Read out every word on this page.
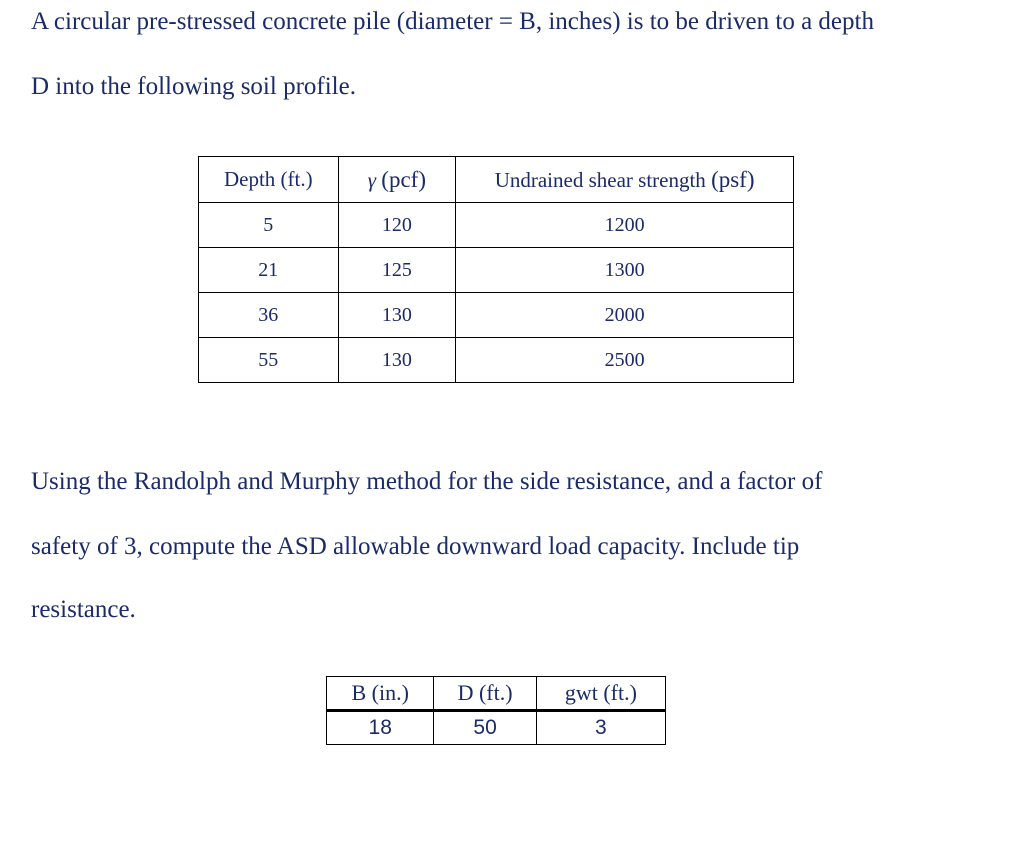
A circular pre-stressed concrete pile (diameter = B, inches) is to be driven to a depth

D into the following soil profile.

Depth (ft.)	γ (pcf)	Undrained shear strength (psf)
5	120	1200
21	125	1300
36	130	2000
55	130	2500

Using the Randolph and Murphy method for the side resistance, and a factor of

safety of 3, compute the ASD allowable downward load capacity. Include tip

resistance.

B (in.)	D (ft.)	gwt (ft.)
18	50	3
